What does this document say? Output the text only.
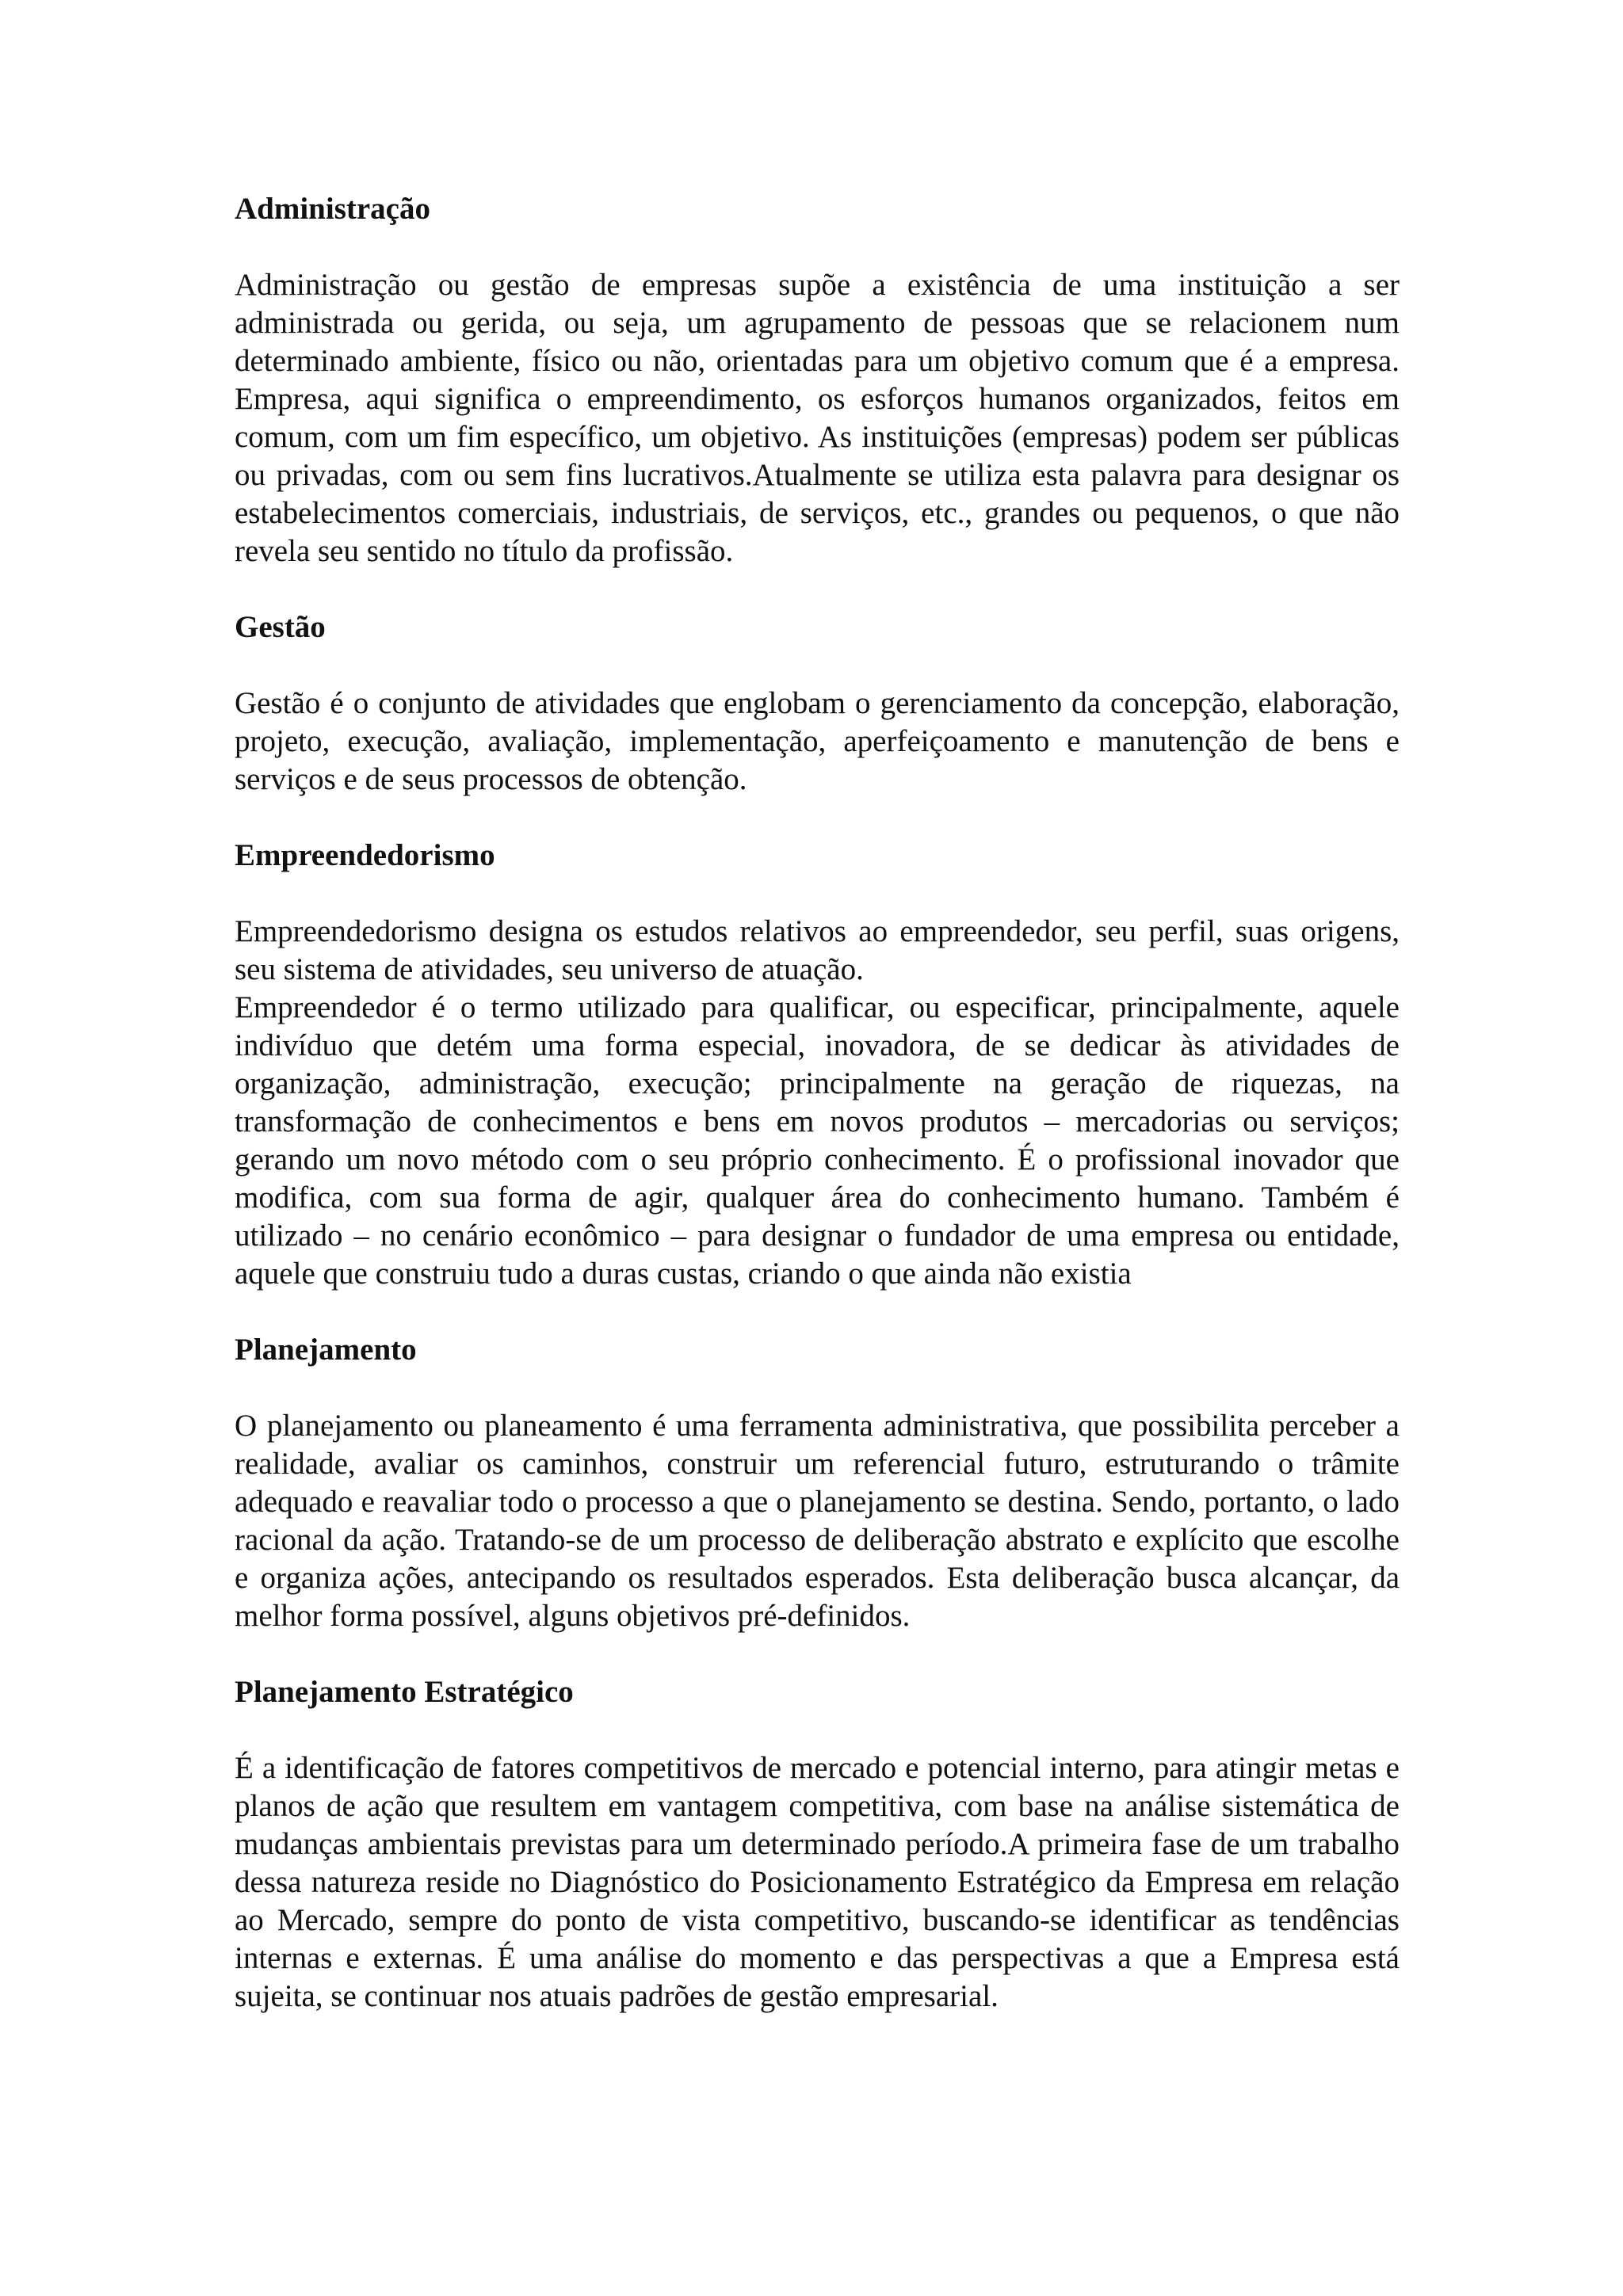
Administração

Administração ou gestão de empresas supõe a existência de uma instituição a ser administrada ou gerida, ou seja, um agrupamento de pessoas que se relacionem num determinado ambiente, físico ou não, orientadas para um objetivo comum que é a empresa. Empresa, aqui significa o empreendimento, os esforços humanos organizados, feitos em comum, com um fim específico, um objetivo. As instituições (empresas) podem ser públicas ou privadas, com ou sem fins lucrativos.Atualmente se utiliza esta palavra para designar os estabelecimentos comerciais, industriais, de serviços, etc., grandes ou pequenos, o que não revela seu sentido no título da profissão.

Gestão

Gestão é o conjunto de atividades que englobam o gerenciamento da concepção, elaboração, projeto, execução, avaliação, implementação, aperfeiçoamento e manutenção de bens e serviços e de seus processos de obtenção.

Empreendedorismo

Empreendedorismo designa os estudos relativos ao empreendedor, seu perfil, suas origens, seu sistema de atividades, seu universo de atuação.

Empreendedor é o termo utilizado para qualificar, ou especificar, principalmente, aquele indivíduo que detém uma forma especial, inovadora, de se dedicar às atividades de organização, administração, execução; principalmente na geração de riquezas, na transformação de conhecimentos e bens em novos produtos – mercadorias ou serviços; gerando um novo método com o seu próprio conhecimento. É o profissional inovador que modifica, com sua forma de agir, qualquer área do conhecimento humano. Também é utilizado – no cenário econômico – para designar o fundador de uma empresa ou entidade, aquele que construiu tudo a duras custas, criando o que ainda não existia

Planejamento

O planejamento ou planeamento é uma ferramenta administrativa, que possibilita perceber a realidade, avaliar os caminhos, construir um referencial futuro, estruturando o trâmite adequado e reavaliar todo o processo a que o planejamento se destina. Sendo, portanto, o lado racional da ação. Tratando-se de um processo de deliberação abstrato e explícito que escolhe e organiza ações, antecipando os resultados esperados. Esta deliberação busca alcançar, da melhor forma possível, alguns objetivos pré-definidos.

Planejamento Estratégico

É a identificação de fatores competitivos de mercado e potencial interno, para atingir metas e planos de ação que resultem em vantagem competitiva, com base na análise sistemática de mudanças ambientais previstas para um determinado período.A primeira fase de um trabalho dessa natureza reside no Diagnóstico do Posicionamento Estratégico da Empresa em relação ao Mercado, sempre do ponto de vista competitivo, buscando-se identificar as tendências internas e externas. É uma análise do momento e das perspectivas a que a Empresa está sujeita, se continuar nos atuais padrões de gestão empresarial.
